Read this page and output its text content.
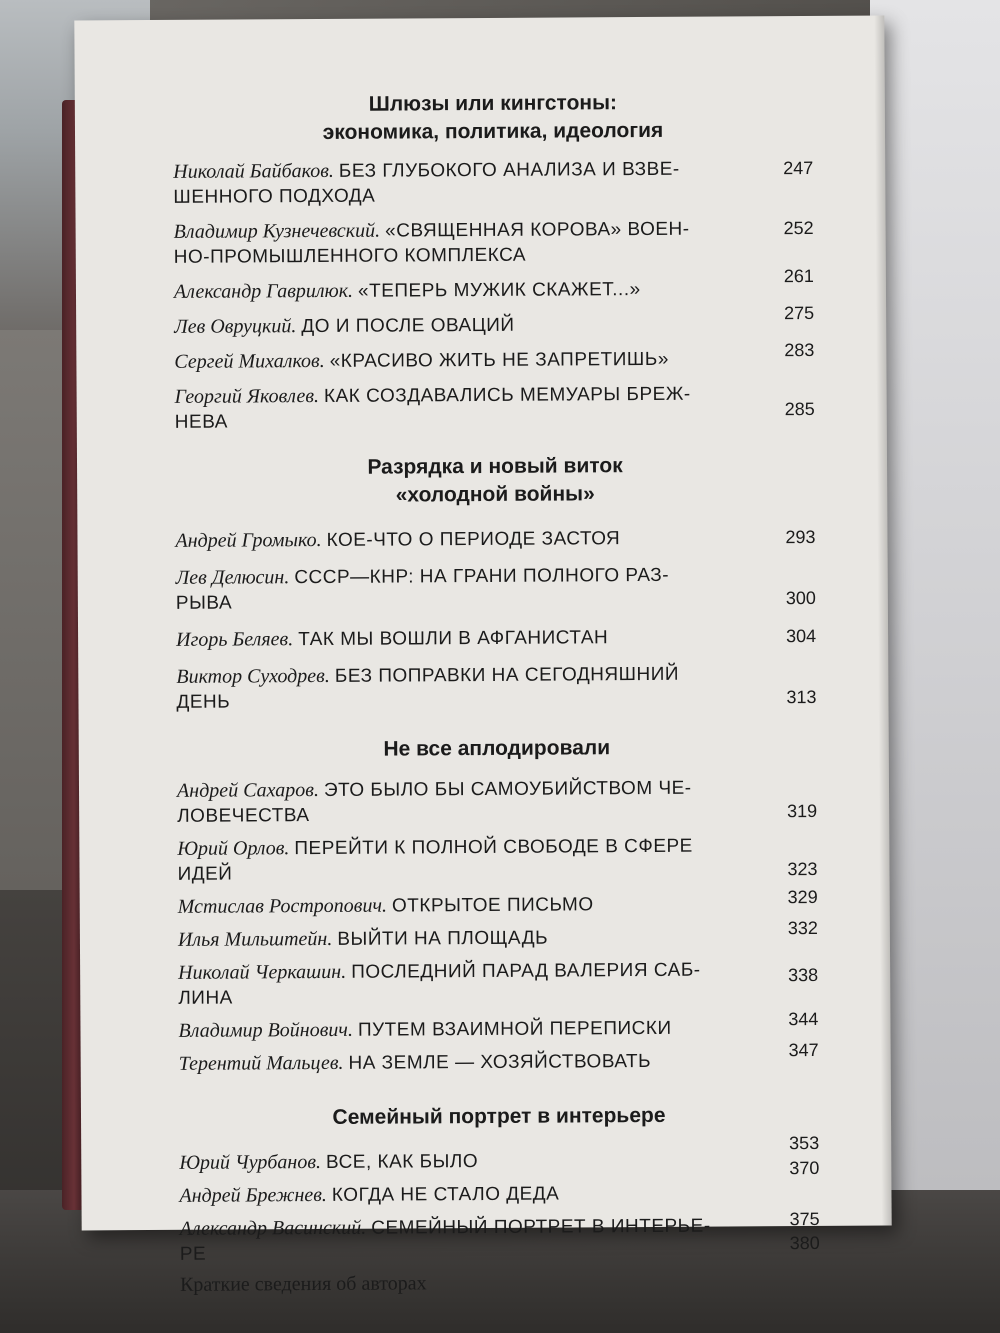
Шлюзы или кингстоны:

экономика, политика, идеология

Николай Байбаков. БЕЗ ГЛУБОКОГО АНАЛИЗА И ВЗВЕ-
ШЕННОГО ПОДХОДА
247
Владимир Кузнечевский. «СВЯЩЕННАЯ КОРОВА» ВОЕН-
НО-ПРОМЫШЛЕННОГО КОМПЛЕКСА
252
Александр Гаврилюк. «ТЕПЕРЬ МУЖИК СКАЖЕТ...»
261
Лев Овруцкий. ДО И ПОСЛЕ ОВАЦИЙ
275
Сергей Михалков. «КРАСИВО ЖИТЬ НЕ ЗАПРЕТИШЬ»	283
Георгий Яковлев. КАК СОЗДАВАЛИСЬ МЕМУАРЫ БРЕЖ-
НЕВА
285

Разрядка и новый виток

«холодной войны»

Андрей Громыко. КОЕ-ЧТО О ПЕРИОДЕ ЗАСТОЯ	293
Лев Делюсин. СССР—КНР: НА ГРАНИ ПОЛНОГО РАЗ-
РЫВА	300
Игорь Беляев. ТАК МЫ ВОШЛИ В АФГАНИСТАН	304
Виктор Суходрев. БЕЗ ПОПРАВКИ НА СЕГОДНЯШНИЙ
ДЕНЬ	313

Не все аплодировали

Андрей Сахаров. ЭТО БЫЛО БЫ САМОУБИЙСТВОМ ЧЕ-
ЛОВЕЧЕСТВА	319
Юрий Орлов. ПЕРЕЙТИ К ПОЛНОЙ СВОБОДЕ В СФЕРЕ
ИДЕЙ	323
Мстислав Ростропович. ОТКРЫТОЕ ПИСЬМО	329
Илья Мильштейн. ВЫЙТИ НА ПЛОЩАДЬ	332
Николай Черкашин. ПОСЛЕДНИЙ ПАРАД ВАЛЕРИЯ САБ-
ЛИНА
338
Владимир Войнович. ПУТЕМ ВЗАИМНОЙ ПЕРЕПИСКИ	344
Терентий Мальцев. НА ЗЕМЛЕ — ХОЗЯЙСТВОВАТЬ
347

Семейный портрет в интерьере

Юрий Чурбанов. ВСЕ, КАК БЫЛО
353
Андрей Брежнев. КОГДА НЕ СТАЛО ДЕДА
370
Александр Васинский. СЕМЕЙНЫЙ ПОРТРЕТ В ИНТЕРЬЕ-
РЕ
375
Краткие сведения об авторах
380
